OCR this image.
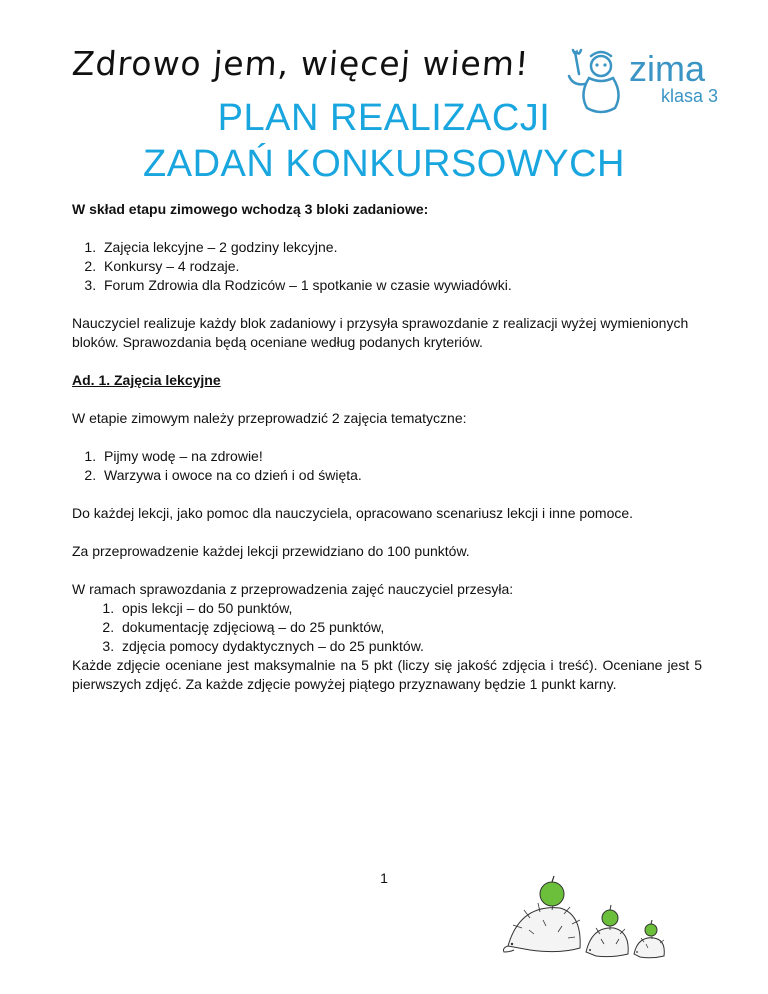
Zdrowo jem, więcej wiem!	zima
klasa 3
PLAN REALIZACJI
ZADAŃ KONKURSOWYCH

W skład etapu zimowego wchodzą 3 bloki zadaniowe:

1. Zajęcia lekcyjne – 2 godziny lekcyjne.
2. Konkursy – 4 rodzaje.
3. Forum Zdrowia dla Rodziców – 1 spotkanie w czasie wywiadówki.

Nauczyciel realizuje każdy blok zadaniowy i przysyła sprawozdanie z realizacji wyżej wymienionych bloków. Sprawozdania będą oceniane według podanych kryteriów.

Ad. 1. Zajęcia lekcyjne

W etapie zimowym należy przeprowadzić 2 zajęcia tematyczne:

1. Pijmy wodę – na zdrowie!
2. Warzywa i owoce na co dzień i od święta.

Do każdej lekcji, jako pomoc dla nauczyciela, opracowano scenariusz lekcji i inne pomoce.

Za przeprowadzenie każdej lekcji przewidziano do 100 punktów.

W ramach sprawozdania z przeprowadzenia zajęć nauczyciel przesyła:

1. opis lekcji – do 50 punktów,
2. dokumentację zdjęciową – do 25 punktów,
3. zdjęcia pomocy dydaktycznych – do 25 punktów.

Każde zdjęcie oceniane jest maksymalnie na 5 pkt (liczy się jakość zdjęcia i treść). Oceniane jest 5 pierwszych zdjęć. Za każde zdjęcie powyżej piątego przyznawany będzie 1 punkt karny.

1
